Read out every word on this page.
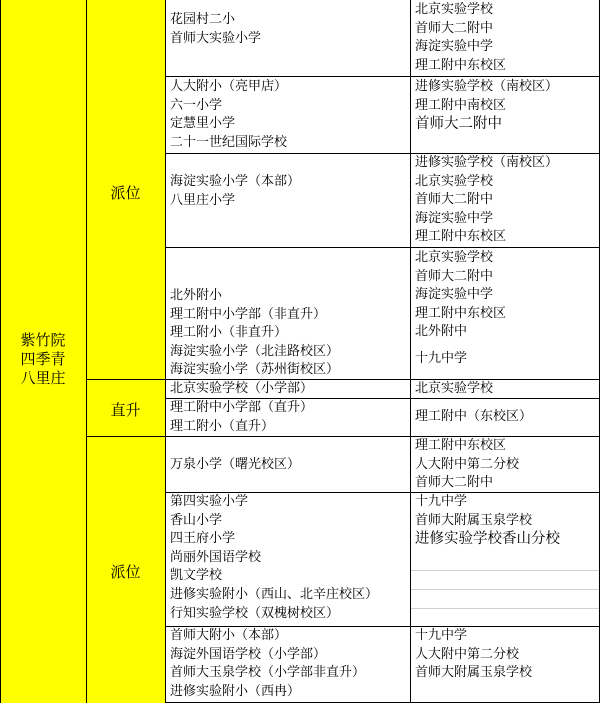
紫竹院
四季青
八里庄
派位
直升
派位
花园村二小
首师大实验小学
北京实验学校
首师大二附中
海淀实验中学
理工附中东校区
人大附小（亮甲店）
六一小学
定慧里小学
二十一世纪国际学校
进修实验学校（南校区）
理工附中南校区
首师大二附中
海淀实验小学（本部）
八里庄小学
进修实验学校（南校区）
北京实验学校
首师大二附中
海淀实验中学
理工附中东校区
北外附小
理工附中小学部（非直升）
理工附小（非直升）
海淀实验小学（北洼路校区）
海淀实验小学（苏州街校区）
北京实验学校
首师大二附中
海淀实验中学
理工附中东校区
北外附中
十九中学
北京实验学校（小学部）	北京实验学校
理工附中小学部（直升）
理工附小（直升）
理工附中（东校区）
万泉小学（曙光校区）
理工附中东校区
人大附中第二分校
首师大二附中
第四实验小学
香山小学
四王府小学
尚丽外国语学校
凯文学校
进修实验附小（西山、北辛庄校区）
行知实验学校（双槐树校区）
十九中学
首师大附属玉泉学校
进修实验学校香山分校
首师大附小（本部）
海淀外国语学校（小学部）
首师大玉泉学校（小学部非直升）
进修实验附小（西冉）
十九中学
人大附中第二分校
首师大附属玉泉学校
